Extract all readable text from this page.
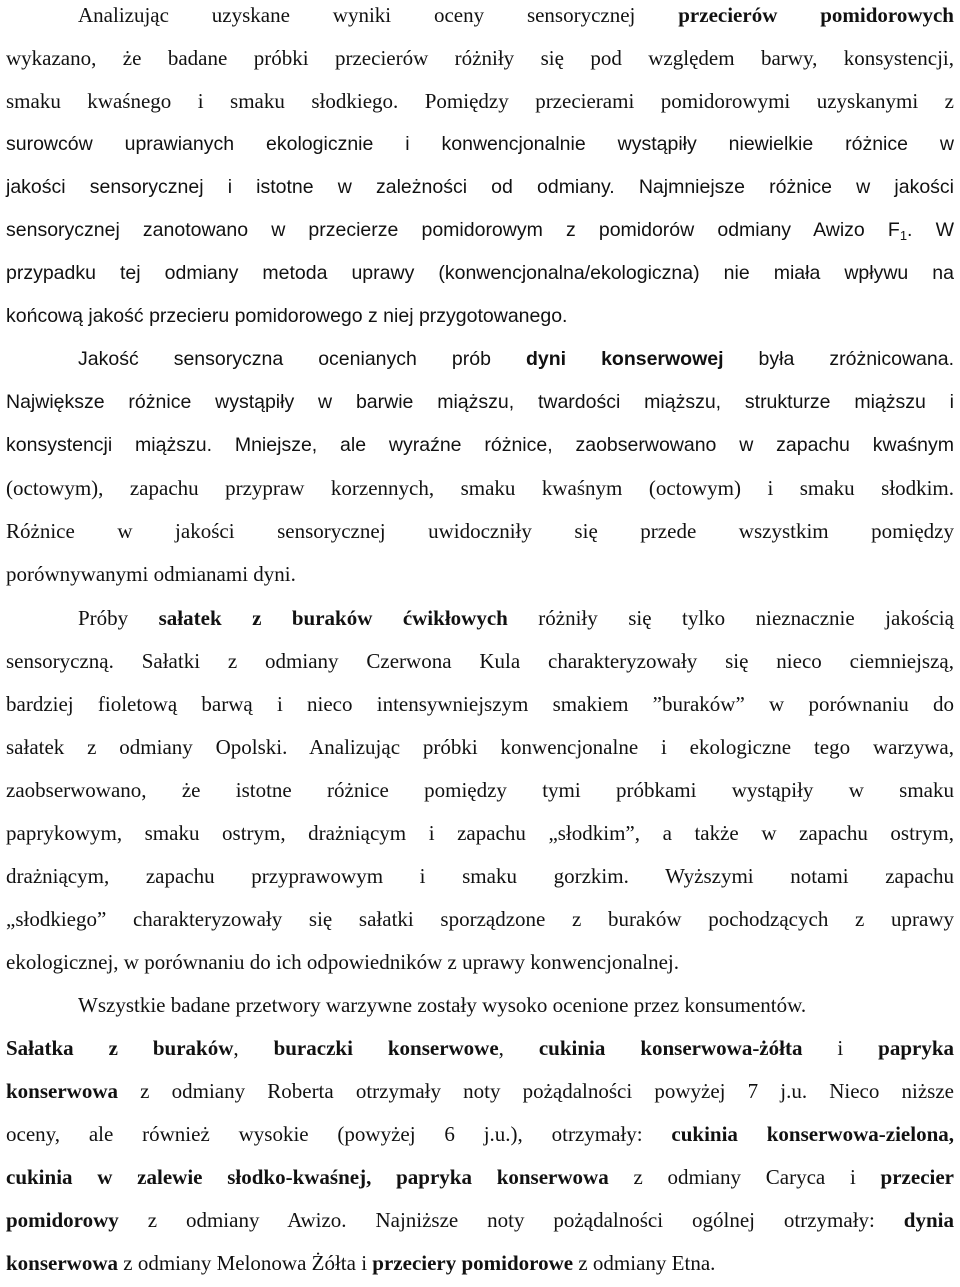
Analizując uzyskane wyniki oceny sensorycznej przecierów pomidorowych
wykazano, że badane próbki przecierów różniły się pod względem barwy, konsystencji,
smaku kwaśnego i smaku słodkiego. Pomiędzy przecierami pomidorowymi uzyskanymi z
surowców uprawianych ekologicznie i konwencjonalnie wystąpiły niewielkie różnice w
jakości sensorycznej i istotne w zależności od odmiany. Najmniejsze różnice w jakości
sensorycznej zanotowano w przecierze pomidorowym z pomidorów odmiany Awizo $F_1$. W
przypadku tej odmiany metoda uprawy (konwencjonalna/ekologiczna) nie miała wpływu na
końcową jakość przecieru pomidorowego z niej przygotowanego.
Jakość sensoryczna ocenianych prób dyni konserwowej była zróżnicowana.
Największe różnice wystąpiły w barwie miąższu, twardości miąższu, strukturze miąższu i
konsystencji miąższu. Mniejsze, ale wyraźne różnice, zaobserwowano w zapachu kwaśnym
(octowym), zapachu przypraw korzennych, smaku kwaśnym (octowym) i smaku słodkim.
Różnice w jakości sensorycznej uwidoczniły się przede wszystkim pomiędzy
porównywanymi odmianami dyni.
Próby sałatek z buraków ćwikłowych różniły się tylko nieznacznie jakością
sensoryczną. Sałatki z odmiany Czerwona Kula charakteryzowały się nieco ciemniejszą,
bardziej fioletową barwą i nieco intensywniejszym smakiem ”buraków” w porównaniu do
sałatek z odmiany Opolski. Analizując próbki konwencjonalne i ekologiczne tego warzywa,
zaobserwowano, że istotne różnice pomiędzy tymi próbkami wystąpiły w smaku
paprykowym, smaku ostrym, drażniącym i zapachu „słodkim”, a także w zapachu ostrym,
drażniącym, zapachu przyprawowym i smaku gorzkim. Wyższymi notami zapachu
„słodkiego” charakteryzowały się sałatki sporządzone z buraków pochodzących z uprawy
ekologicznej, w porównaniu do ich odpowiedników z uprawy konwencjonalnej.
Wszystkie badane przetwory warzywne zostały wysoko ocenione przez konsumentów.
Sałatka z buraków, buraczki konserwowe, cukinia konserwowa-żółta i papryka
konserwowa z odmiany Roberta otrzymały noty pożądalności powyżej 7 j.u. Nieco niższe
oceny, ale również wysokie (powyżej 6 j.u.), otrzymały: cukinia konserwowa-zielona,
cukinia w zalewie słodko-kwaśnej, papryka konserwowa z odmiany Caryca i przecier
pomidorowy z odmiany Awizo. Najniższe noty pożądalności ogólnej otrzymały: dynia
konserwowa z odmiany Melonowa Żółta i przeciery pomidorowe z odmiany Etna.
